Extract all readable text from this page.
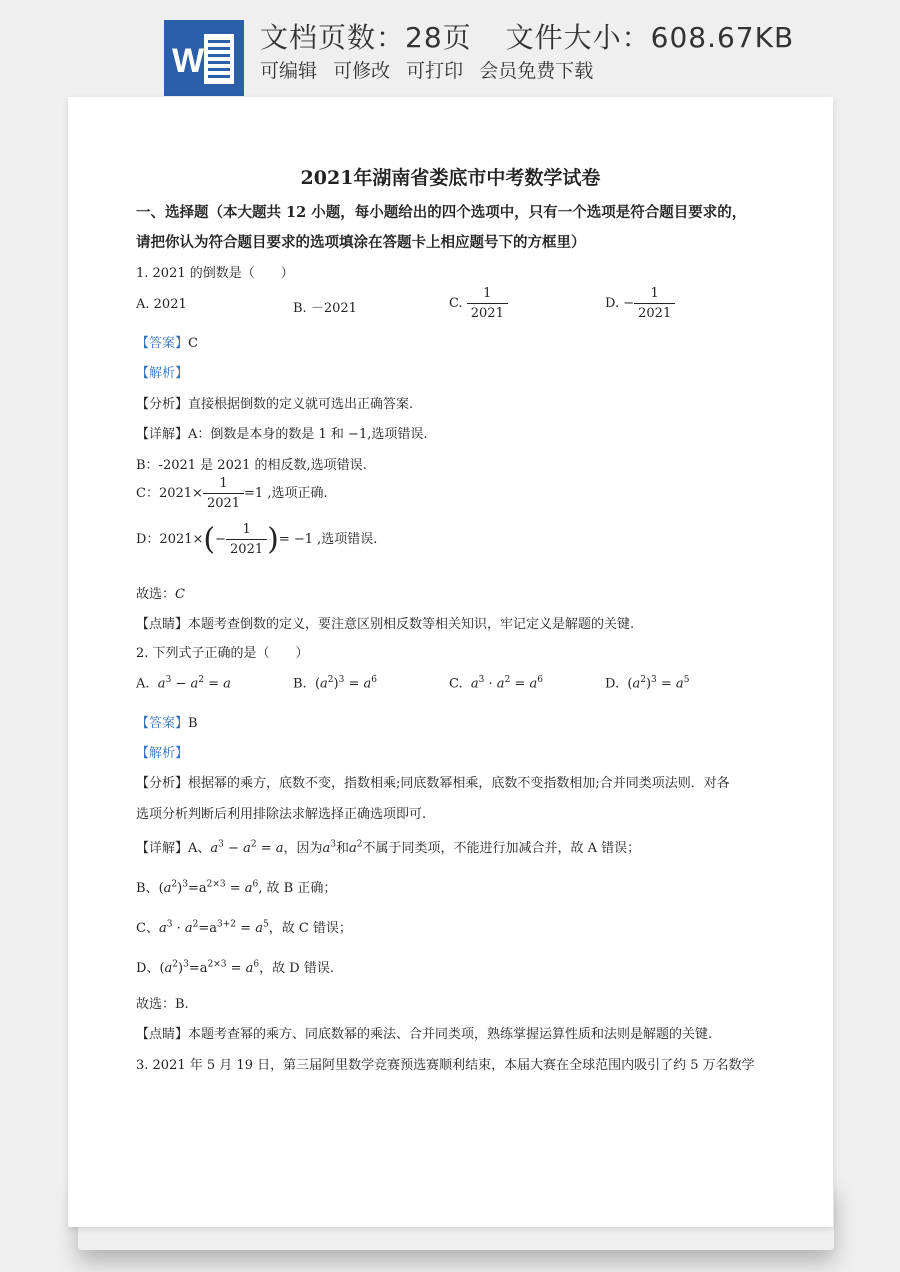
W
文档页数：28页 文件大小：608.67KB
可编辑 可修改 可打印 会员免费下载
2021年湖南省娄底市中考数学试卷
一、选择题（本大题共 12 小题，每小题给出的四个选项中，只有一个选项是符合题目要求的，
请把你认为符合题目要求的选项填涂在答题卡上相应题号下的方框里）
1. 2021 的倒数是（　　）
A. 2021	B. －2021	C. $\frac{1}{2021}$	D. − $\frac{1}{2021}$
【答案】C
【解析】
【分析】直接根据倒数的定义就可选出正确答案.
【详解】A：倒数是本身的数是 1 和 −1,选项错误.
B：-2021 是 2021 的相反数,选项错误.
C：$2021\times \frac{1}{2021} =1$ ,选项正确.
D：$2021\times(- \frac{1}{2021}$ )= −1 ,选项错误.
故选：C
【点睛】本题考查倒数的定义，要注意区别相反数等相关知识，牢记定义是解题的关键.
2. 下列式子正确的是（　　）
A. $a^3 - a^2 = a$	B.  $(a^2)^3 = a^6$	C. $a^3 \cdot a^2 = a^6$	D.  $(a^2)^3 = a^5$
【答案】B
【解析】
【分析】根据幂的乘方，底数不变，指数相乘;同底数幂相乘，底数不变指数相加;合并同类项法则．对各
选项分析判断后利用排除法求解选择正确选项即可.
【详解】A、$a^3 - a^2 = a$，因为$a^3$和$a^2$不属于同类项，不能进行加减合并，故 A 错误；
B、$(a^2)^3=a^{2\times 3} = a^6$, 故 B 正确；
C、$a^3 \cdot a^2=a^{3+2} = a^5$，故 C 错误；
D、$(a^2)^3=a^{2\times 3} = a^6$，故 D 错误.
故选：B.
【点睛】本题考查幂的乘方、同底数幂的乘法、合并同类项，熟练掌握运算性质和法则是解题的关键.
3. 2021 年 5 月 19 日，第三届阿里数学竞赛预选赛顺利结束，本届大赛在全球范围内吸引了约 5 万名数学
